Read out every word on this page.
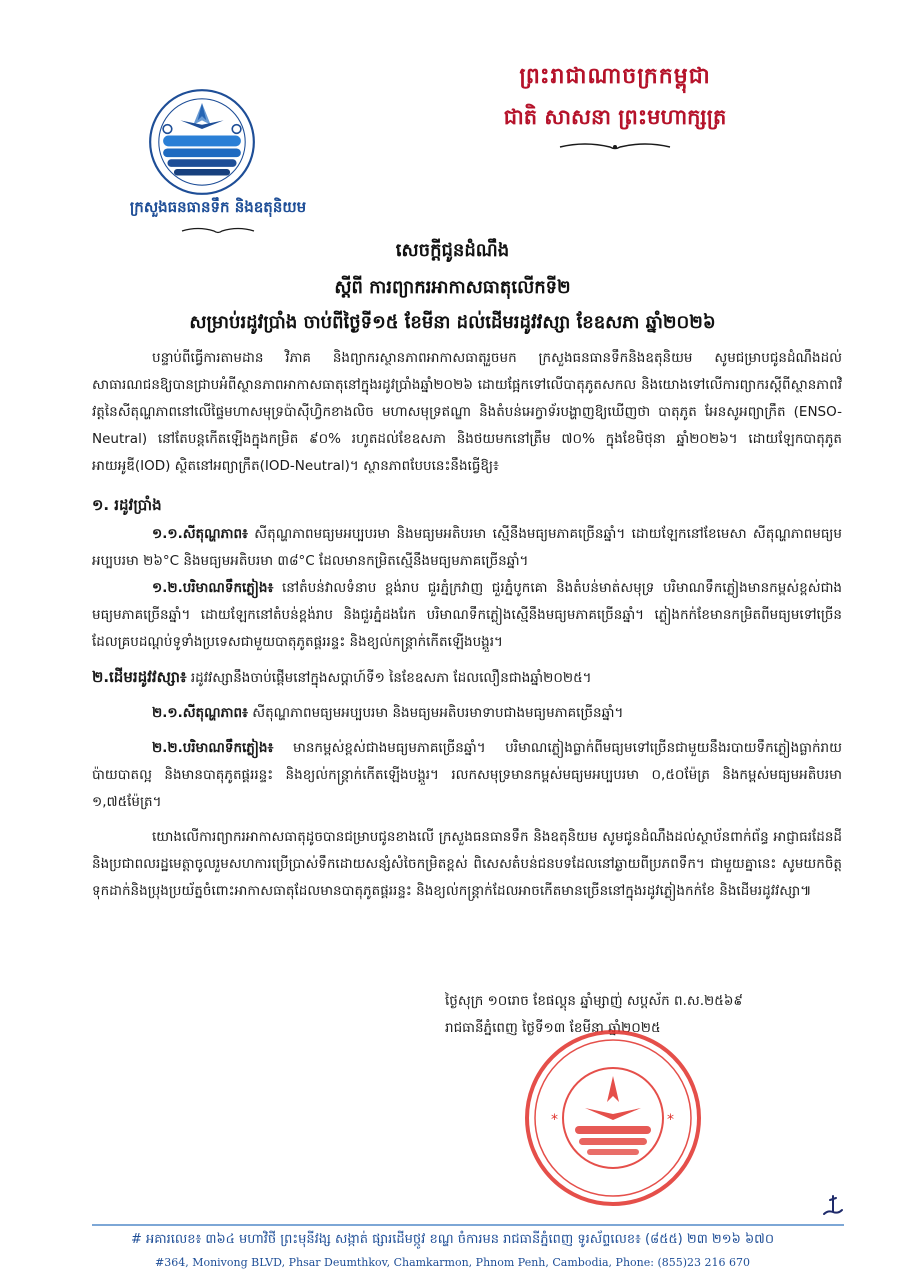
ព្រះរាជាណាចក្រកម្ពុជា
ជាតិ សាសនា ព្រះមហាក្សត្រ
ក្រសួងធនធានទឹក និងឧតុនិយម
សេចក្តីជូនដំណឹង
ស្តីពី ការព្យាករអាកាសធាតុលើកទី២
សម្រាប់រដូវប្រាំង ចាប់ពីថ្ងៃទី១៥ ខែមីនា ដល់ដើមរដូវវស្សា ខែឧសភា ឆ្នាំ២០២៦

បន្ទាប់ពីធ្វើការតាមដាន វិភាគ និងព្យាករស្ថានភាពអាកាសធាតុរួចមក ក្រសួងធនធានទឹកនិងឧតុនិយម សូមជម្រាបជូនដំណឹងដល់សាធារណជនឱ្យបានជ្រាបអំពីស្ថានភាពអាកាសធាតុនៅក្នុងរដូវប្រាំងឆ្នាំ២០២៦ ដោយផ្អែកទៅលើបាតុភូតសកល និងយោងទៅលើការព្យាករស្តីពីស្ថានភាពវិវត្តនៃសីតុណ្ហភាពនៅលើផ្ទៃមហាសមុទ្រប៉ាស៊ីហ្វិកខាងលិច មហាសមុទ្រឥណ្ឌា និងតំបន់អេក្វាទ័របង្ហាញឱ្យឃើញថា បាតុភូត អែនសូអព្យាក្រឹត (ENSO-Neutral) នៅតែបន្តកើតឡើងក្នុងកម្រិត ៩០% រហូតដល់ខែឧសភា និងថយមកនៅត្រឹម ៧០% ក្នុងខែមិថុនា ឆ្នាំ២០២៦។ ដោយឡែកបាតុភូត អាយអូឌី(IOD) ស្ថិតនៅអព្យាក្រឹត(IOD-Neutral)។ ស្ថានភាពបែបនេះនឹងធ្វើឱ្យ៖

១. រដូវប្រាំង

១.១.សីតុណ្ហភាព៖ សីតុណ្ហភាពមធ្យមអប្បបរមា និងមធ្យមអតិបរមា ស្មើនឹងមធ្យមភាគច្រើនឆ្នាំ។ ដោយឡែកនៅខែមេសា សីតុណ្ហភាពមធ្យមអប្បបរមា ២៦°C និងមធ្យមអតិបរមា ៣៨°C ដែលមានកម្រិតស្មើនឹងមធ្យមភាគច្រើនឆ្នាំ។

១.២.បរិមាណទឹកភ្លៀង៖ នៅតំបន់វាលទំនាប ខ្ពង់រាប ជួរភ្នំក្រវាញ ជួរភ្នំបូកគោ និងតំបន់មាត់សមុទ្រ បរិមាណទឹកភ្លៀងមានកម្ពស់ខ្ពស់ជាងមធ្យមភាគច្រើនឆ្នាំ។ ដោយឡែកនៅតំបន់ខ្ពង់រាប និងជួរភ្នំដងរែក បរិមាណទឹកភ្លៀងស្មើនឹងមធ្យមភាគច្រើនឆ្នាំ។ ភ្លៀងកក់ខែមានកម្រិតពីមធ្យមទៅច្រើន ដែលគ្របដណ្តប់ទូទាំងប្រទេសជាមួយបាតុភូតផ្គររន្ទះ និងខ្យល់កន្ត្រាក់កើតឡើងបង្គួរ។

២.ដើមរដូវវស្សា៖ រដូវវស្សានឹងចាប់ផ្តើមនៅក្នុងសប្តាហ៍ទី១ នៃខែឧសភា ដែលលឿនជាងឆ្នាំ២០២៥។

២.១.សីតុណ្ហភាព៖ សីតុណ្ហភាពមធ្យមអប្បបរមា និងមធ្យមអតិបរមាទាបជាងមធ្យមភាគច្រើនឆ្នាំ។

២.២.បរិមាណទឹកភ្លៀង៖ មានកម្ពស់ខ្ពស់ជាងមធ្យមភាគច្រើនឆ្នាំ។ បរិមាណភ្លៀងធ្លាក់ពីមធ្យមទៅច្រើនជាមួយនឹងរបាយទឹកភ្លៀងធ្លាក់រាយប៉ាយបាតល្អ និងមានបាតុភូតផ្គររន្ទះ និងខ្យល់កន្ត្រាក់កើតឡើងបង្គួរ។ រលកសមុទ្រមានកម្ពស់មធ្យមអប្បបរមា ០,៥០ម៉ែត្រ និងកម្ពស់មធ្យមអតិបរមា ១,៧៥ម៉ែត្រ។

យោងលើការព្យាករអាកាសធាតុដូចបានជម្រាបជូនខាងលើ ក្រសួងធនធានទឹក និងឧតុនិយម សូមជូនដំណឹងដល់ស្ថាប័នពាក់ព័ន្ធ អាជ្ញាធរដែនដី និងប្រជាពលរដ្ឋមេត្តាចូលរួមសហការប្រើប្រាស់ទឹកដោយសន្សំសំចៃកម្រិតខ្ពស់ ពិសេសតំបន់ជនបទដែលនៅឆ្ងាយពីប្រភពទឹក។ ជាមួយគ្នានេះ សូមយកចិត្តទុកដាក់និងប្រុងប្រយ័ត្នចំពោះអាកាសធាតុដែលមានបាតុភូតផ្គររន្ទះ និងខ្យល់កន្ត្រាក់ដែលអាចកើតមានច្រើននៅក្នុងរដូវភ្លៀងកក់ខែ និងដើមរដូវវស្សា៕

ថ្ងៃសុក្រ ១០រោច ខែផល្គុន ឆ្នាំម្សាញ់ សប្តស័ក ព.ស.២៥៦៩
រាជធានីភ្នំពេញ ថ្ងៃទី១៣ ខែមីនា ឆ្នាំ២០២៥
*	*
# អគារលេខ៖ ៣៦៤ មហាវិថី ព្រះមុនីវង្ស សង្កាត់ ផ្សារដើមថ្កូវ ខណ្ឌ ចំការមន រាជធានីភ្នំពេញ ទូរស័ព្ទលេខ៖ (៨៥៥) ២៣ ២១៦ ៦៧០
#364, Monivong BLVD, Phsar Deumthkov, Chamkarmon, Phnom Penh, Cambodia, Phone: (855)23 216 670
